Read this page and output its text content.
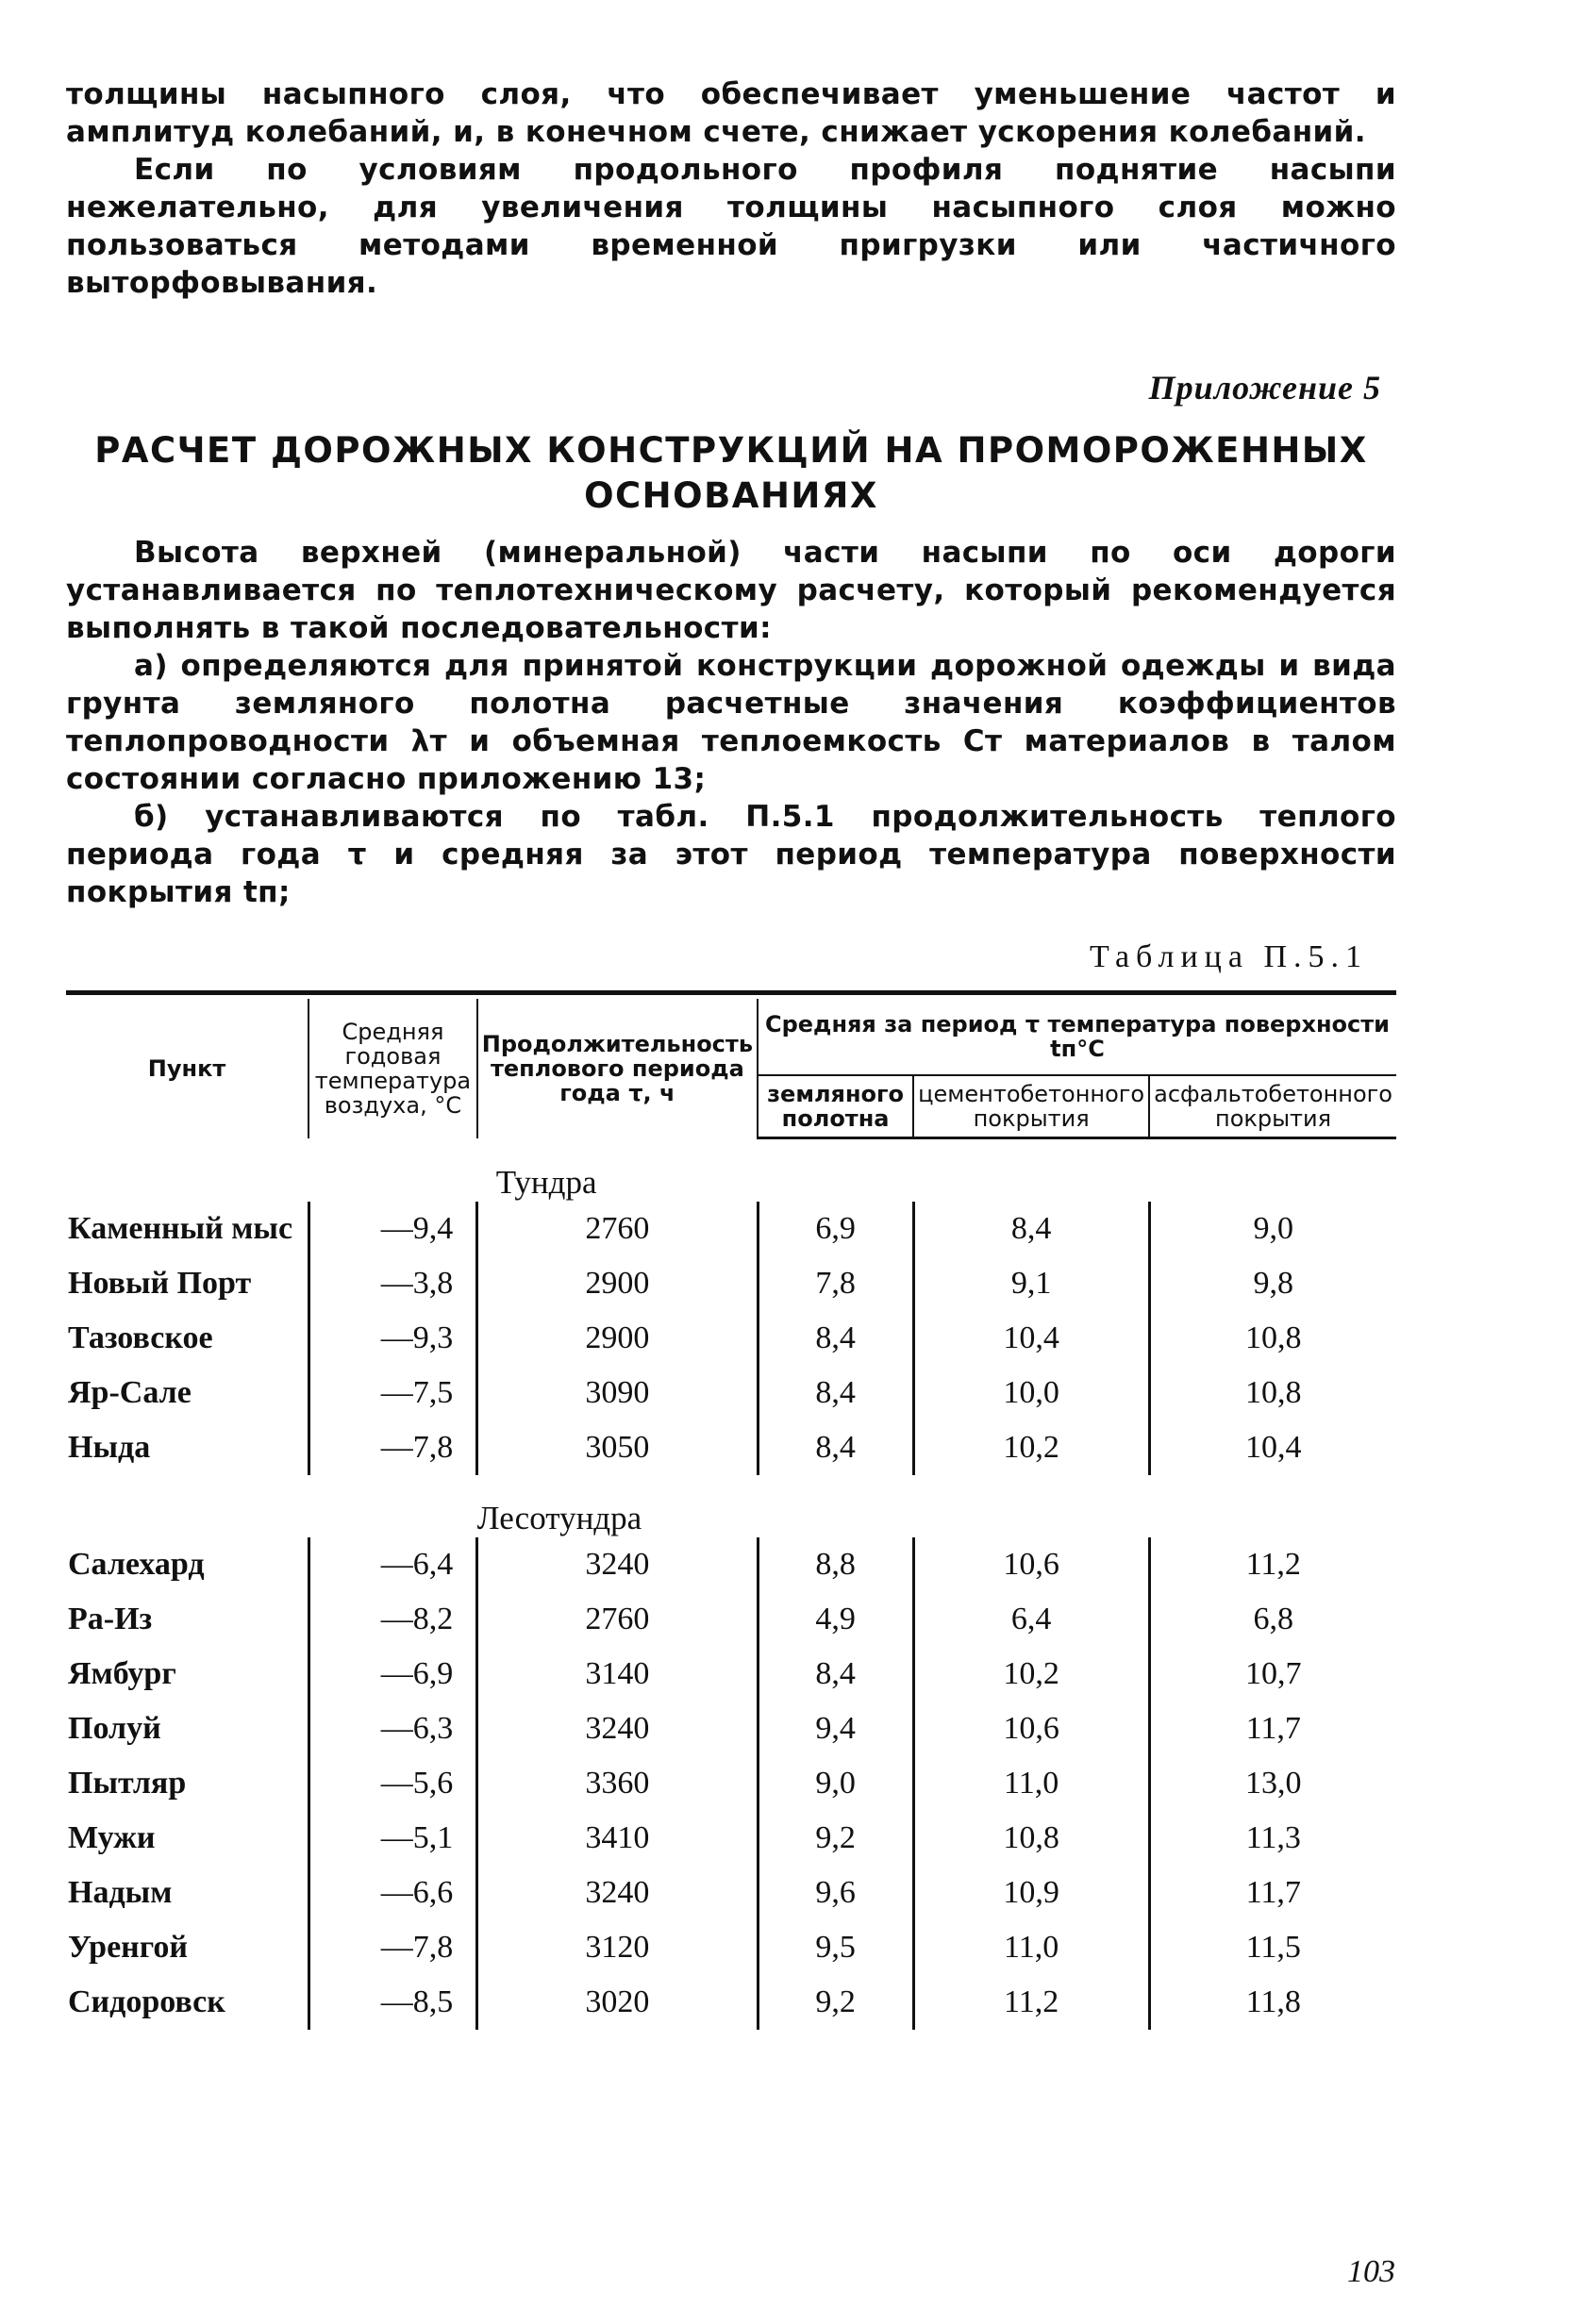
толщины насыпного слоя, что обеспечивает уменьшение частот и амплитуд колебаний, и, в конечном счете, снижает ускорения колебаний.

Если по условиям продольного профиля поднятие насыпи нежелательно, для увеличения толщины насыпного слоя можно пользоваться методами временной пригрузки или частичного выторфовывания.

Приложение 5
РАСЧЕТ ДОРОЖНЫХ КОНСТРУКЦИЙ НА ПРОМОРОЖЕННЫХ ОСНОВАНИЯХ

Высота верхней (минеральной) части насыпи по оси дороги устанавливается по теплотехническому расчету, который рекомендуется выполнять в такой последовательности:

а) определяются для принятой конструкции дорожной одежды и вида грунта земляного полотна расчетные значения коэффициентов теплопроводности λт и объемная теплоемкость Cт материалов в талом состоянии согласно приложению 13;

б) устанавливаются по табл. П.5.1 продолжительность теплого периода года τ и средняя за этот период температура поверхности покрытия tп;

Таблица П.5.1

Пункт	Средняя годовая температура воздуха, °С	Продолжительность теплового периода года τ, ч	Средняя за период τ температура поверхности tп°С		
			земляного полотна	цементобетонного покрытия	асфальтобетонного покрытия
		Тундра			
Каменный мыс	—9,4	2760	6,9	8,4	9,0
Новый Порт	—3,8	2900	7,8	9,1	9,8
Тазовское	—9,3	2900	8,4	10,4	10,8
Яр-Сале	—7,5	3090	8,4	10,0	10,8
Ныда	—7,8	3050	8,4	10,2	10,4
		Лесотундра			
Салехард	—6,4	3240	8,8	10,6	11,2
Ра-Из	—8,2	2760	4,9	6,4	6,8
Ямбург	—6,9	3140	8,4	10,2	10,7
Полуй	—6,3	3240	9,4	10,6	11,7
Пытляр	—5,6	3360	9,0	11,0	13,0
Мужи	—5,1	3410	9,2	10,8	11,3
Надым	—6,6	3240	9,6	10,9	11,7
Уренгой	—7,8	3120	9,5	11,0	11,5
Сидоровск	—8,5	3020	9,2	11,2	11,8
103
